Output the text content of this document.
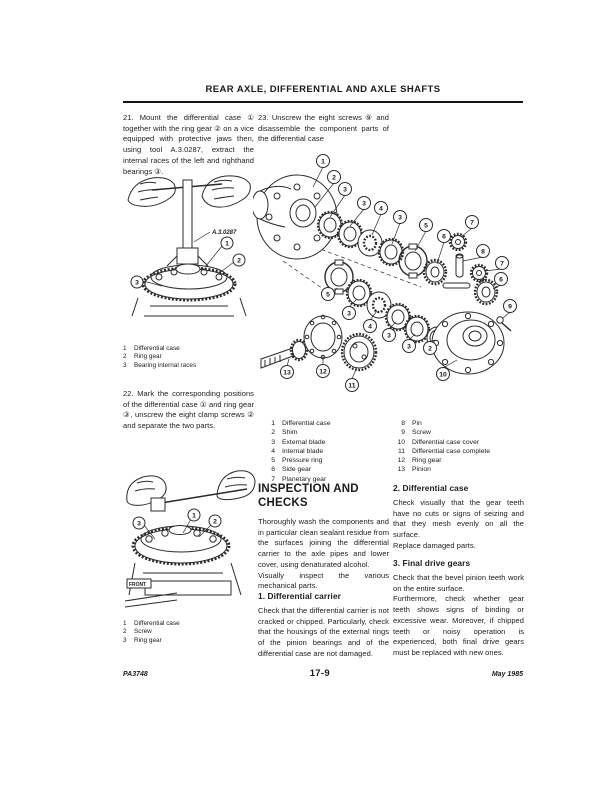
REAR AXLE, DIFFERENTIAL AND AXLE SHAFTS
21. Mount the differential case ① together with the ring gear ② on a vice equipped with protective jaws then, using tool A.3.0287, extract the internal races of the left and righthand bearings ③.
A.3.0287
1
2
3
1	Differential case
2	Ring gear
3	Bearing internal races
22. Mark the corresponding positions of the differential case ① and ring gear ③, unscrew the eight clamp screws ② and separate the two parts.
FRONT
1
2
3
1	Differential case
2	Screw
3	Ring gear
23. Unscrew the eight screws ⑨ and disassemble the component parts of the differential case
1
2
3
3
4
3
5
6
7
8
7
6
5
3
4
3
3	2
9
10
13	12
11
1 Differential case
2 Shim
3 External blade
4 Internal blade
5 Pressure ring
6 Side gear
7 Planetary gear
8 Pin
9 Screw
10 Differential case cover
11 Differential case complete
12 Ring gear
13 Pinion
INSPECTION AND CHECKS
Thoroughly wash the components and in particular clean sealant residue from the surfaces joining the differential carrier to the axle pipes and lower cover, using denaturated alcohol.
Visually inspect the various mechanical parts.
1. Differential carrier
Check that the differential carrier is not cracked or chipped. Particularly, check that the housings of the external rings of the pinion bearings and of the differential case are not damaged.
2. Differential case
Check visually that the gear teeth have no cuts or signs of seizing and that they mesh evenly on all the surface.
Replace damaged parts.
3. Final drive gears
Check that the bevel pinion teeth work on the entire surface.
Furthermore, check whether gear teeth shows signs of binding or excessive wear. Moreover, if chipped teeth or noisy operation is experienced, both final drive gears must be replaced with new ones.
PA3748	17-9	May 1985
